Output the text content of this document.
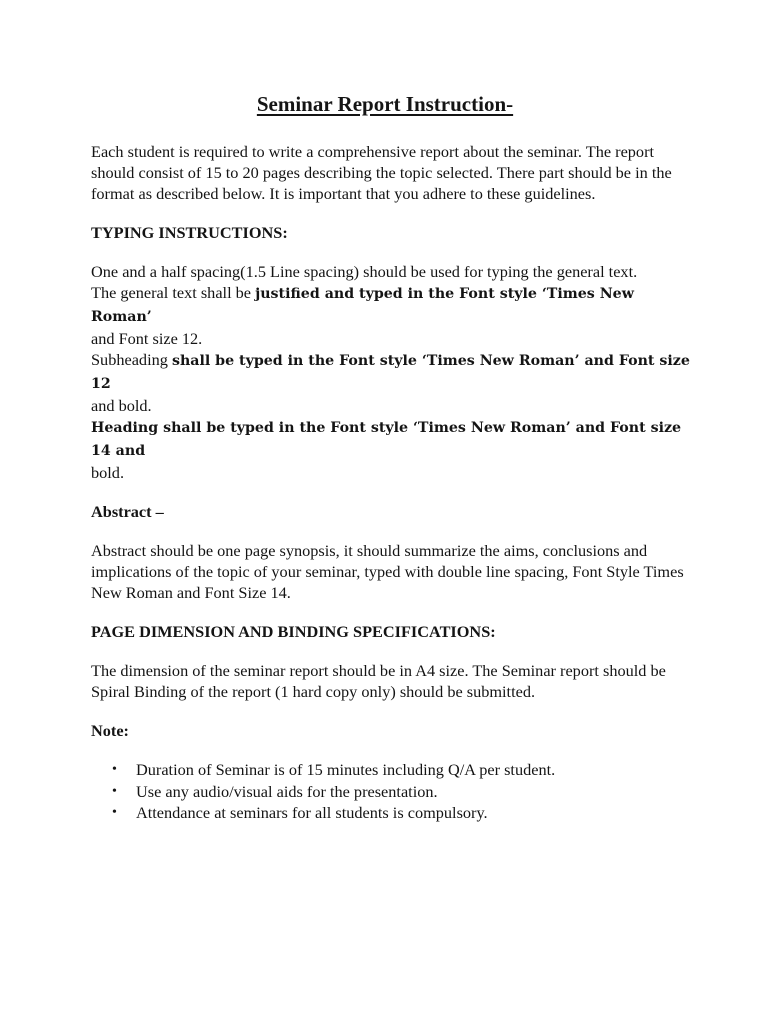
Seminar Report Instruction-

Each student is required to write a comprehensive report about the seminar. The report should consist of 15 to 20 pages describing the topic selected. There part should be in the format as described below. It is important that you adhere to these guidelines.

TYPING INSTRUCTIONS:

One and a half spacing(1.5 Line spacing) should be used for typing the general text.

The general text shall be justified and typed in the Font style ‘Times New Roman’
and Font size 12.

Subheading shall be typed in the Font style ‘Times New Roman’ and Font size 12
and bold.

Heading shall be typed in the Font style ‘Times New Roman’ and Font size 14 and
bold.

Abstract –

Abstract should be one page synopsis, it should summarize the aims, conclusions and implications of the topic of your seminar, typed with double line spacing, Font Style Times New Roman and Font Size 14.

PAGE DIMENSION AND BINDING SPECIFICATIONS:

The dimension of the seminar report should be in A4 size. The Seminar report should be Spiral Binding of the report (1 hard copy only) should be submitted.

Note:

• Duration of Seminar is of 15 minutes including Q/A per student.
• Use any audio/visual aids for the presentation.
• Attendance at seminars for all students is compulsory.
